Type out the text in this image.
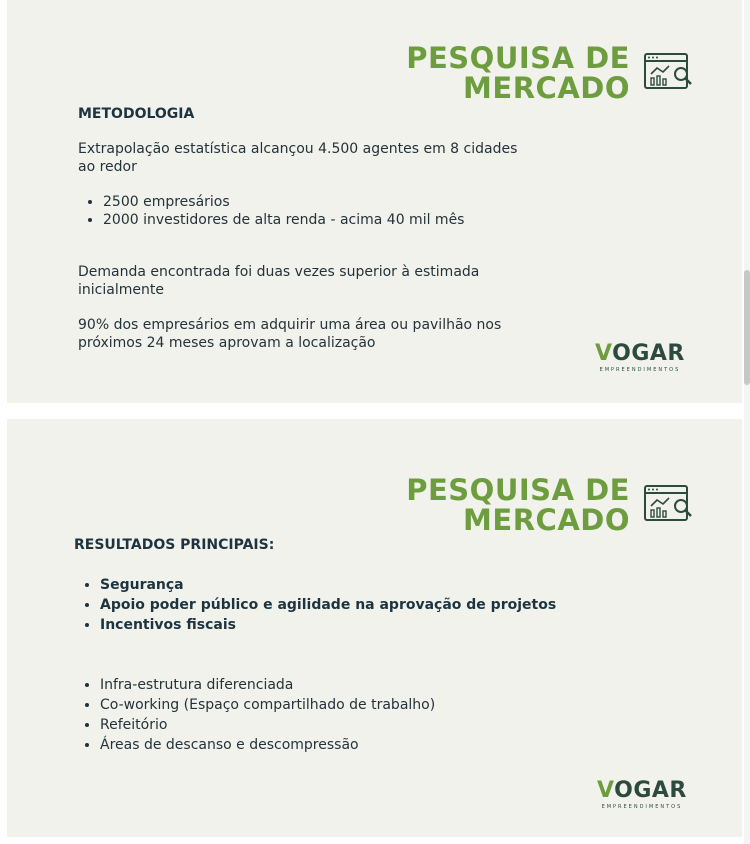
PESQUISA DE
MERCADO
METODOLOGIA

Extrapolação estatística alcançou 4.500 agentes em 8 cidades ao redor

• 2500 empresários
• 2000 investidores de alta renda - acima 40 mil mês

Demanda encontrada foi duas vezes superior à estimada inicialmente

90% dos empresários em adquirir uma área ou pavilhão nos próximos 24 meses aprovam a localização	VOGAR
EMPREENDIMENTOS
PESQUISA DE
MERCADO
RESULTADOS PRINCIPAIS:
• Segurança
• Apoio poder público e agilidade na aprovação de projetos
• Incentivos fiscais
• Infra-estrutura diferenciada
• Co-working (Espaço compartilhado de trabalho)
• Refeitório
• Áreas de descanso e descompressão
VOGAR
EMPREENDIMENTOS
